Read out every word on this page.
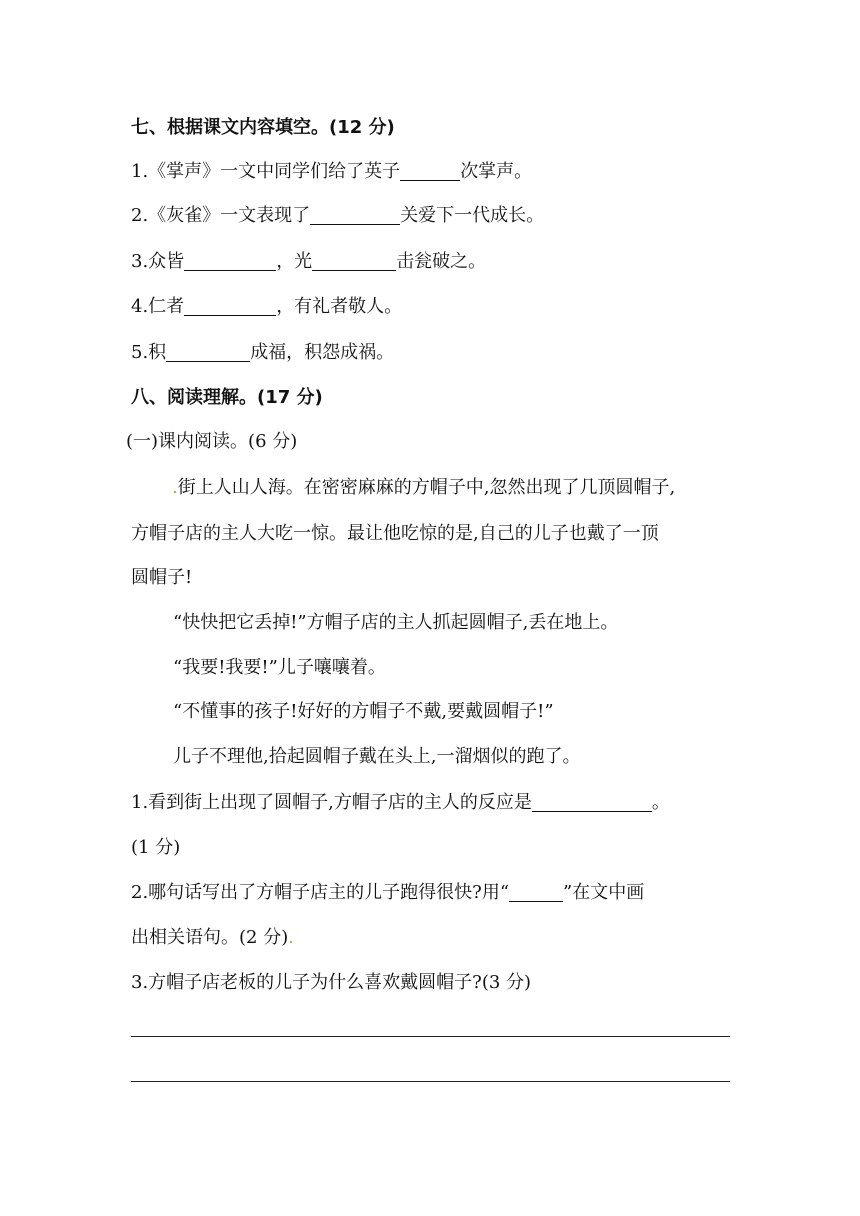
七、根据课文内容填空。(12 分)
1.《掌声》一文中同学们给了英子	次掌声。
2.《灰雀》一文表现了	关爱下一代成长。
3.众皆	，光	击瓮破之。
4.仁者	，有礼者敬人。
5.积	成福，积怨成祸。
八、阅读理解。(17 分)
(一)课内阅读。(6 分)
.街上人山人海。在密密麻麻的方帽子中,忽然出现了几顶圆帽子,
方帽子店的主人大吃一惊。最让他吃惊的是,自己的儿子也戴了一顶
圆帽子!
“快快把它丢掉!”方帽子店的主人抓起圆帽子,丢在地上。
“我要!我要!”儿子嚷嚷着。
“不懂事的孩子!好好的方帽子不戴,要戴圆帽子!”
儿子不理他,拾起圆帽子戴在头上,一溜烟似的跑了。
1.看到街上出现了圆帽子,方帽子店的主人的反应是	。
(1 分)
2.哪句话写出了方帽子店主的儿子跑得很快?用“	”在文中画
出相关语句。(2 分).
3.方帽子店老板的儿子为什么喜欢戴圆帽子?(3 分)
